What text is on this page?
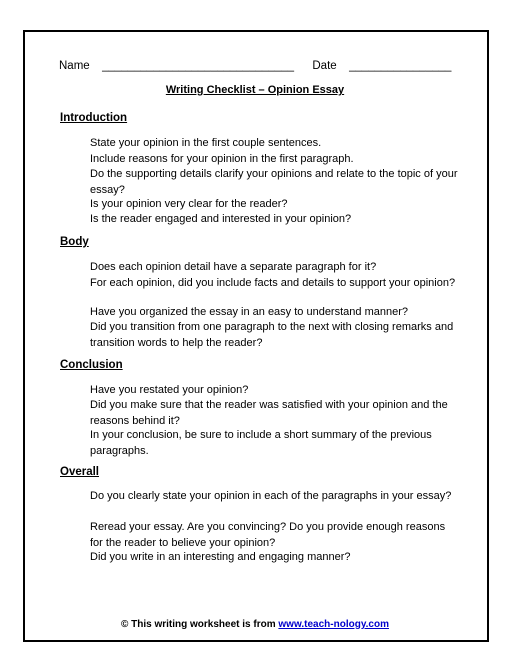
Name ______________________________ Date ________________
Writing Checklist – Opinion Essay
Introduction
State your opinion in the first couple sentences.
Include reasons for your opinion in the first paragraph.
Do the supporting details clarify your opinions and relate to the topic of your essay?
Is your opinion very clear for the reader?
Is the reader engaged and interested in your opinion?
Body
Does each opinion detail have a separate paragraph for it?
For each opinion, did you include facts and details to support your opinion?
Have you organized the essay in an easy to understand manner?
Did you transition from one paragraph to the next with closing remarks and transition words to help the reader?
Conclusion
Have you restated your opinion?
Did you make sure that the reader was satisfied with your opinion and the reasons behind it?
In your conclusion, be sure to include a short summary of the previous paragraphs.
Overall
Do you clearly state your opinion in each of the paragraphs in your essay?
Reread your essay. Are you convincing? Do you provide enough reasons for the reader to believe your opinion?
Did you write in an interesting and engaging manner?
© This writing worksheet is from www.teach-nology.com
